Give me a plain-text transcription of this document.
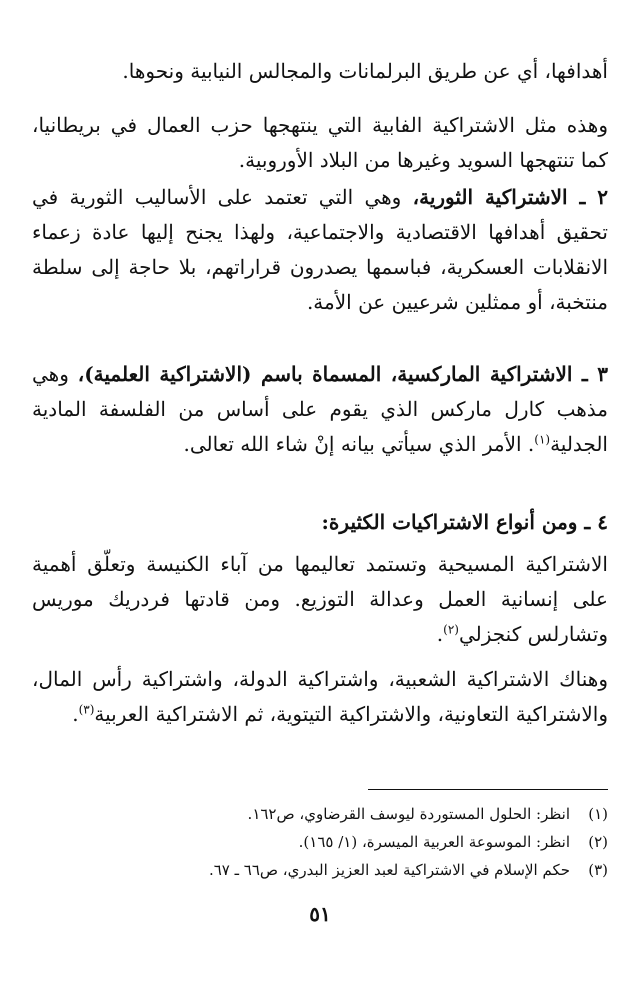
أهدافها، أي عن طريق البرلمانات والمجالس النيابية ونحوها.

وهذه مثل الاشتراكية الفابية التي ينتهجها حزب العمال في بريطانيا، كما تنتهجها السويد وغيرها من البلاد الأوروبية.

٢ ـ الاشتراكية الثورية، وهي التي تعتمد على الأساليب الثورية في تحقيق أهدافها الاقتصادية والاجتماعية، ولهذا يجنح إليها عادة زعماء الانقلابات العسكرية، فباسمها يصدرون قراراتهم، بلا حاجة إلى سلطة منتخبة، أو ممثلين شرعيين عن الأمة.

٣ ـ الاشتراكية الماركسية، المسماة باسم (الاشتراكية العلمية)، وهي مذهب كارل ماركس الذي يقوم على أساس من الفلسفة المادية الجدلية$^{(١)}$. الأمر الذي سيأتي بيانه إنْ شاء الله تعالى.

٤ ـ ومن أنواع الاشتراكيات الكثيرة:

الاشتراكية المسيحية وتستمد تعاليمها من آباء الكنيسة وتعلّق أهمية على إنسانية العمل وعدالة التوزيع. ومن قادتها فردريك موريس وتشارلس كنجزلي$^{(٢)}$.

وهناك الاشتراكية الشعبية، واشتراكية الدولة، واشتراكية رأس المال، والاشتراكية التعاونية، والاشتراكية التيتوية، ثم الاشتراكية العربية$^{(٣)}$.

(١)انظر: الحلول المستوردة ليوسف القرضاوي، ص١٦٢.
(٢)انظر: الموسوعة العربية الميسرة، (١/ ١٦٥).
(٣)حكم الإسلام في الاشتراكية لعبد العزيز البدري، ص٦٦ ـ ٦٧.
٥١
